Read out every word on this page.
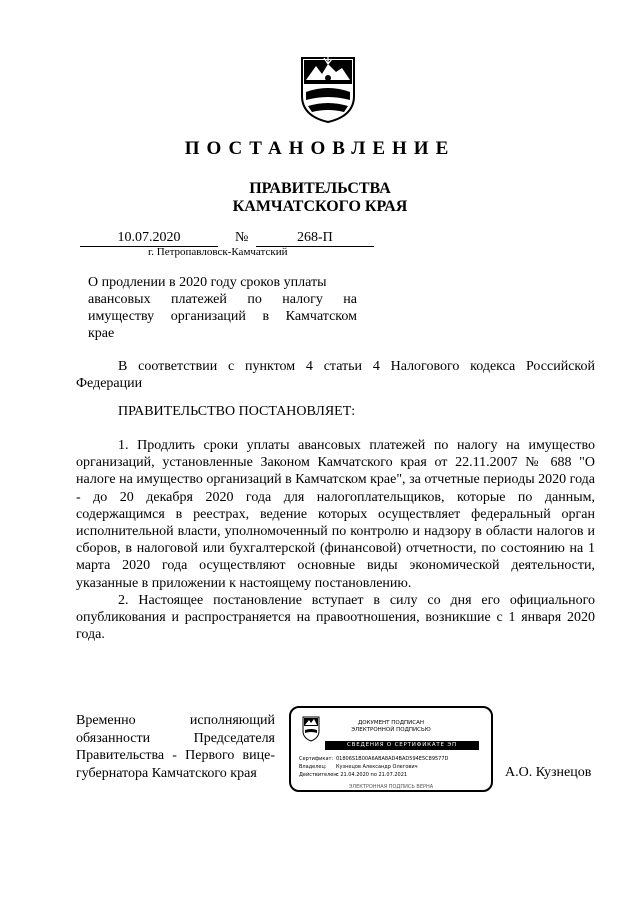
ПОСТАНОВЛЕНИЕ
ПРАВИТЕЛЬСТВА
КАМЧАТСКОГО КРАЯ
10.07.2020	№	268-П
г. Петропавловск-Камчатский
О продлении в 2020 году сроков уплаты
авансовых платежей по налогу на
имуществу организаций в Камчатском
крае

В соответствии с пунктом 4 статьи 4 Налогового кодекса Российской Федерации

ПРАВИТЕЛЬСТВО ПОСТАНОВЛЯЕТ:

1. Продлить сроки уплаты авансовых платежей по налогу на имущество организаций, установленные Законом Камчатского края от 22.11.2007 № 688 "О налоге на имущество организаций в Камчатском крае", за отчетные периоды 2020 года - до 20 декабря 2020 года для налогоплательщиков, которые по данным, содержащимся в реестрах, ведение которых осуществляет федеральный орган исполнительной власти, уполномоченный по контролю и надзору в области налогов и сборов, в налоговой или бухгалтерской (финансовой) отчетности, по состоянию на 1 марта 2020 года осуществляют основные виды экономической деятельности, указанные в приложении к настоящему постановлению.

2. Настоящее постановление вступает в силу со дня его официального опубликования и распространяется на правоотношения, возникшие с 1 января 2020 года.

Временно исполняющий обязанности Председателя Правительства - Первого вице-губернатора Камчатского края	А.О. Кузнецов
ДОКУМЕНТ ПОДПИСАН
ЭЛЕКТРОННОЙ ПОДПИСЬЮ
СВЕДЕНИЯ О СЕРТИФИКАТЕ ЭП
Сертификат: 01806S1B00A6ABA8AD4BAD594E5C89577D
Владелец: Кузнецов Александр Олегович
Действителен:с 21.04.2020 по 21.07.2021
ЭЛЕКТРОННАЯ ПОДПИСЬ ВЕРНА
